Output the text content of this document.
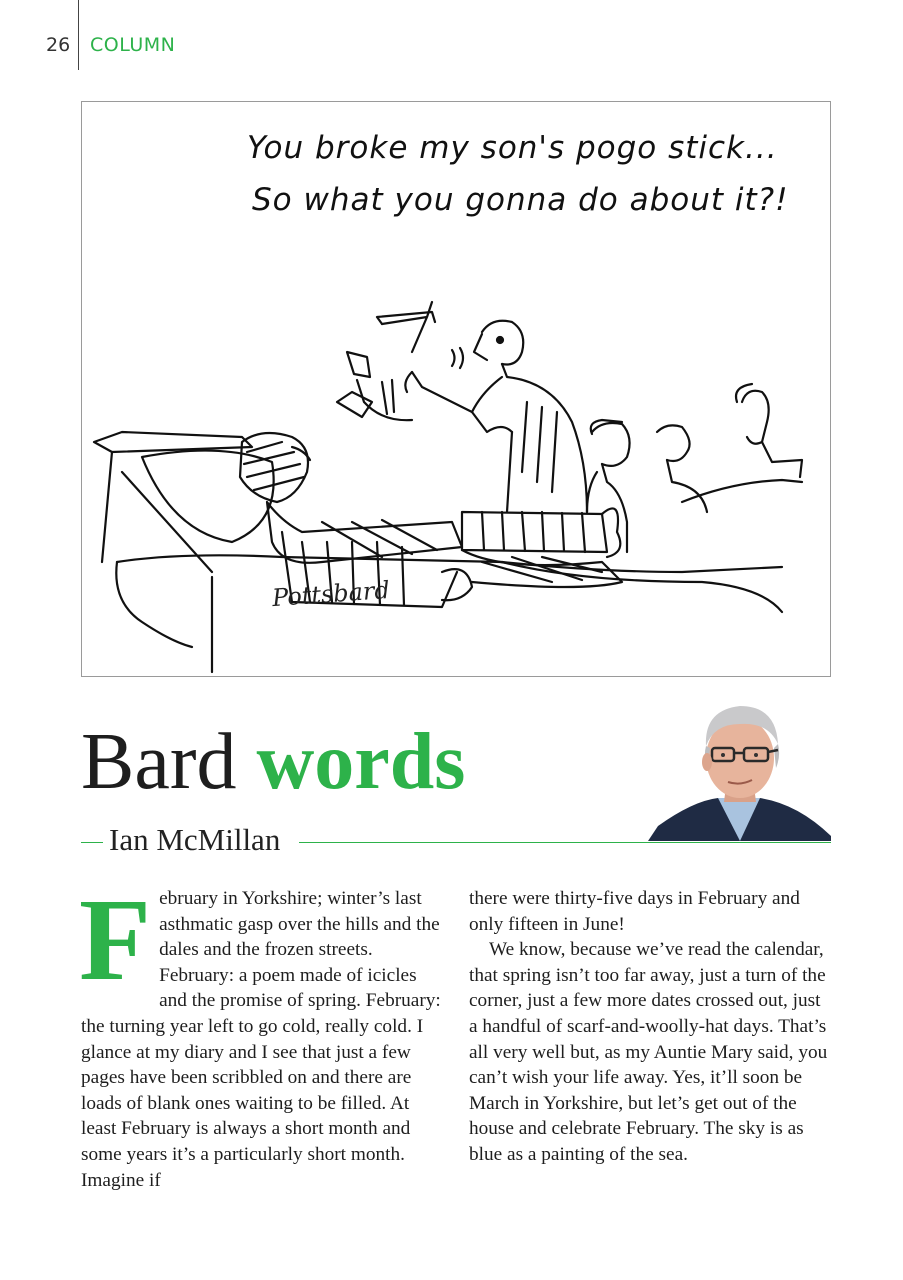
26 COLUMN
You broke my son's pogo stick...
So what you gonna do about it?!
Pottsbard
Bard words
Ian McMillan
F ebruary in Yorkshire; winter’s last asthmatic gasp over the hills and the dales and the frozen streets. February: a poem made of icicles and the promise of spring. February: the turning year left to go cold, really cold. I glance at my diary and I see that just a few pages have been scribbled on and there are loads of blank ones waiting to be filled. At least February is always a short month and some years it’s a particularly short month. Imagine if

there were thirty-five days in February and only fifteen in June!

We know, because we’ve read the calendar, that spring isn’t too far away, just a turn of the corner, just a few more dates crossed out, just a handful of scarf-and-woolly-hat days. That’s all very well but, as my Auntie Mary said, you can’t wish your life away. Yes, it’ll soon be March in Yorkshire, but let’s get out of the house and celebrate February. The sky is as blue as a painting of the sea.
